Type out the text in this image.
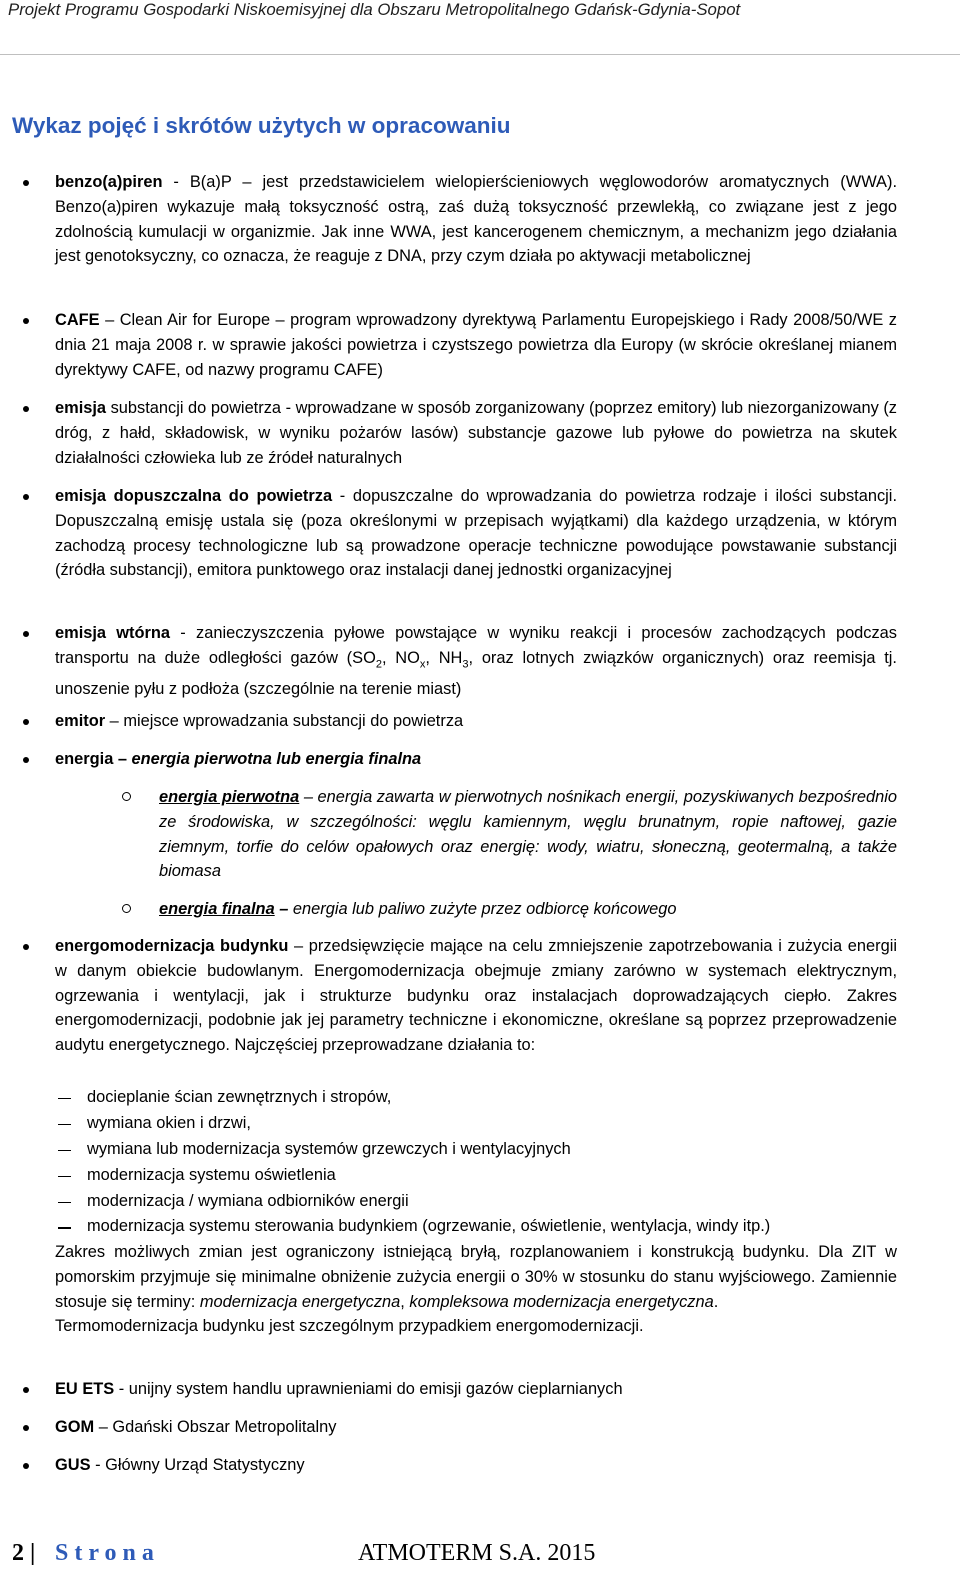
Projekt Programu Gospodarki Niskoemisyjnej dla Obszaru Metropolitalnego Gdańsk-Gdynia-Sopot
Wykaz pojęć i skrótów użytych w opracowaniu
benzo(a)piren - B(a)P – jest przedstawicielem wielopierścieniowych węglowodorów aromatycznych (WWA). Benzo(a)piren wykazuje małą toksyczność ostrą, zaś dużą toksyczność przewlekłą, co związane jest z jego zdolnością kumulacji w organizmie. Jak inne WWA, jest kancerogenem chemicznym, a mechanizm jego działania jest genotoksyczny, co oznacza, że reaguje z DNA, przy czym działa po aktywacji metabolicznej
CAFE – Clean Air for Europe – program wprowadzony dyrektywą Parlamentu Europejskiego i Rady 2008/50/WE z dnia 21 maja 2008 r. w sprawie jakości powietrza i czystszego powietrza dla Europy (w skrócie określanej mianem dyrektywy CAFE, od nazwy programu CAFE)
emisja substancji do powietrza - wprowadzane w sposób zorganizowany (poprzez emitory) lub niezorganizowany (z dróg, z hałd, składowisk, w wyniku pożarów lasów) substancje gazowe lub pyłowe do powietrza na skutek działalności człowieka lub ze źródeł naturalnych
emisja dopuszczalna do powietrza - dopuszczalne do wprowadzania do powietrza rodzaje i ilości substancji. Dopuszczalną emisję ustala się (poza określonymi w przepisach wyjątkami) dla każdego urządzenia, w którym zachodzą procesy technologiczne lub są prowadzone operacje techniczne powodujące powstawanie substancji (źródła substancji), emitora punktowego oraz instalacji danej jednostki organizacyjnej
emisja wtórna - zanieczyszczenia pyłowe powstające w wyniku reakcji i procesów zachodzących podczas transportu na duże odległości gazów ($SO_2$, $NO_x$, $NH_3$, oraz lotnych związków organicznych) oraz reemisja tj. unoszenie pyłu z podłoża (szczególnie na terenie miast)
emitor – miejsce wprowadzania substancji do powietrza
energia – energia pierwotna lub energia finalna
energia pierwotna – energia zawarta w pierwotnych nośnikach energii, pozyskiwanych bezpośrednio ze środowiska, w szczególności: węglu kamiennym, węglu brunatnym, ropie naftowej, gazie ziemnym, torfie do celów opałowych oraz energię: wody, wiatru, słoneczną, geotermalną, a także biomasa
energia finalna – energia lub paliwo zużyte przez odbiorcę końcowego
energomodernizacja budynku – przedsięwzięcie mające na celu zmniejszenie zapotrzebowania i zużycia energii w danym obiekcie budowlanym. Energomodernizacja obejmuje zmiany zarówno w systemach elektrycznym, ogrzewania i wentylacji, jak i strukturze budynku oraz instalacjach doprowadzających ciepło. Zakres energomodernizacji, podobnie jak jej parametry techniczne i ekonomiczne, określane są poprzez przeprowadzenie audytu energetycznego. Najczęściej przeprowadzane działania to:
docieplanie ścian zewnętrznych i stropów,
wymiana okien i drzwi,
wymiana lub modernizacja systemów grzewczych i wentylacyjnych
modernizacja systemu oświetlenia
modernizacja / wymiana odbiorników energii
modernizacja systemu sterowania budynkiem (ogrzewanie, oświetlenie, wentylacja, windy itp.)
Zakres możliwych zmian jest ograniczony istniejącą bryłą, rozplanowaniem i konstrukcją budynku. Dla ZIT w pomorskim przyjmuje się minimalne obniżenie zużycia energii o 30% w stosunku do stanu wyjściowego. Zamiennie stosuje się terminy: modernizacja energetyczna, kompleksowa modernizacja energetyczna.
Termomodernizacja budynku jest szczególnym przypadkiem energomodernizacji.
EU ETS - unijny system handlu uprawnieniami do emisji gazów cieplarnianych
GOM – Gdański Obszar Metropolitalny
GUS - Główny Urząd Statystyczny
2 | Strona	ATMOTERM S.A. 2015
